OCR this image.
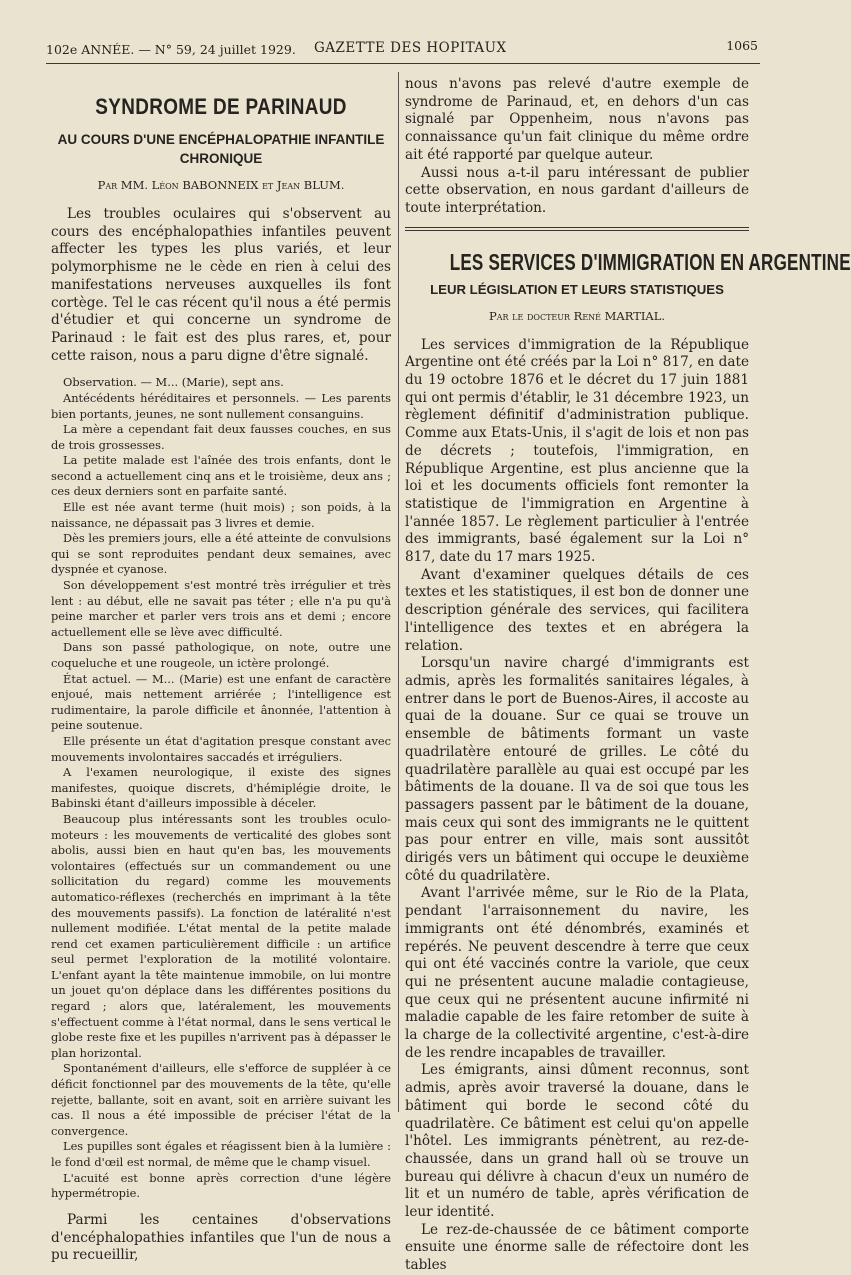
102e ANNÉE. — N° 59, 24 juillet 1929. GAZETTE DES HOPITAUX	1065
SYNDROME DE PARINAUD
AU COURS D'UNE ENCÉPHALOPATHIE INFANTILE CHRONIQUE
Par MM. Léon BABONNEIX et Jean BLUM.

Les troubles oculaires qui s'observent au cours des encéphalopathies infantiles peuvent affecter les types les plus variés, et leur polymorphisme ne le cède en rien à celui des manifestations nerveuses auxquelles ils font cortège. Tel le cas récent qu'il nous a été permis d'étudier et qui concerne un syndrome de Parinaud : le fait est des plus rares, et, pour cette raison, nous a paru digne d'être signalé.

Observation. — M... (Marie), sept ans.

Antécédents héréditaires et personnels. — Les parents bien portants, jeunes, ne sont nullement consanguins.

La mère a cependant fait deux fausses couches, en sus de trois grossesses.

La petite malade est l'aînée des trois enfants, dont le second a actuellement cinq ans et le troisième, deux ans ; ces deux derniers sont en parfaite santé.

Elle est née avant terme (huit mois) ; son poids, à la naissance, ne dépassait pas 3 livres et demie.

Dès les premiers jours, elle a été atteinte de convulsions qui se sont reproduites pendant deux semaines, avec dyspnée et cyanose.

Son développement s'est montré très irrégulier et très lent : au début, elle ne savait pas téter ; elle n'a pu qu'à peine marcher et parler vers trois ans et demi ; encore actuellement elle se lève avec difficulté.

Dans son passé pathologique, on note, outre une coqueluche et une rougeole, un ictère prolongé.

État actuel. — M... (Marie) est une enfant de caractère enjoué, mais nettement arriérée ; l'intelligence est rudimentaire, la parole difficile et ânonnée, l'attention à peine soutenue.

Elle présente un état d'agitation presque constant avec mouvements involontaires saccadés et irréguliers.

A l'examen neurologique, il existe des signes manifestes, quoique discrets, d'hémiplégie droite, le Babinski étant d'ailleurs impossible à déceler.

Beaucoup plus intéressants sont les troubles oculo-moteurs : les mouvements de verticalité des globes sont abolis, aussi bien en haut qu'en bas, les mouvements volontaires (effectués sur un commandement ou une sollicitation du regard) comme les mouvements automatico-réflexes (recherchés en imprimant à la tête des mouvements passifs). La fonction de latéralité n'est nullement modifiée. L'état mental de la petite malade rend cet examen particulièrement difficile : un artifice seul permet l'exploration de la motilité volontaire. L'enfant ayant la tête maintenue immobile, on lui montre un jouet qu'on déplace dans les différentes positions du regard ; alors que, latéralement, les mouvements s'effectuent comme à l'état normal, dans le sens vertical le globe reste fixe et les pupilles n'arrivent pas à dépasser le plan horizontal.

Spontanément d'ailleurs, elle s'efforce de suppléer à ce déficit fonctionnel par des mouvements de la tête, qu'elle rejette, ballante, soit en avant, soit en arrière suivant les cas. Il nous a été impossible de préciser l'état de la convergence.

Les pupilles sont égales et réagissent bien à la lumière : le fond d'œil est normal, de même que le champ visuel.

L'acuité est bonne après correction d'une légère hypermétropie.

Parmi les centaines d'observations d'encéphalopathies infantiles que l'un de nous a pu recueillir,

nous n'avons pas relevé d'autre exemple de syndrome de Parinaud, et, en dehors d'un cas signalé par Oppenheim, nous n'avons pas connaissance qu'un fait clinique du même ordre ait été rapporté par quelque auteur.

Aussi nous a-t-il paru intéressant de publier cette observation, en nous gardant d'ailleurs de toute interprétation.

LES SERVICES D'IMMIGRATION EN ARGENTINE
LEUR LÉGISLATION ET LEURS STATISTIQUES
Par le docteur René MARTIAL.

Les services d'immigration de la République Argentine ont été créés par la Loi n° 817, en date du 19 octobre 1876 et le décret du 17 juin 1881 qui ont permis d'établir, le 31 décembre 1923, un règlement définitif d'administration publique. Comme aux Etats-Unis, il s'agit de lois et non pas de décrets ; toutefois, l'immigration, en République Argentine, est plus ancienne que la loi et les documents officiels font remonter la statistique de l'immigration en Argentine à l'année 1857. Le règlement particulier à l'entrée des immigrants, basé également sur la Loi n° 817, date du 17 mars 1925.

Avant d'examiner quelques détails de ces textes et les statistiques, il est bon de donner une description générale des services, qui facilitera l'intelligence des textes et en abrégera la relation.

Lorsqu'un navire chargé d'immigrants est admis, après les formalités sanitaires légales, à entrer dans le port de Buenos-Aires, il accoste au quai de la douane. Sur ce quai se trouve un ensemble de bâtiments formant un vaste quadrilatère entouré de grilles. Le côté du quadrilatère parallèle au quai est occupé par les bâtiments de la douane. Il va de soi que tous les passagers passent par le bâtiment de la douane, mais ceux qui sont des immigrants ne le quittent pas pour entrer en ville, mais sont aussitôt dirigés vers un bâtiment qui occupe le deuxième côté du quadrilatère.

Avant l'arrivée même, sur le Rio de la Plata, pendant l'arraisonnement du navire, les immigrants ont été dénombrés, examinés et repérés. Ne peuvent descendre à terre que ceux qui ont été vaccinés contre la variole, que ceux qui ne présentent aucune maladie contagieuse, que ceux qui ne présentent aucune infirmité ni maladie capable de les faire retomber de suite à la charge de la collectivité argentine, c'est-à-dire de les rendre incapables de travailler.

Les émigrants, ainsi dûment reconnus, sont admis, après avoir traversé la douane, dans le bâtiment qui borde le second côté du quadrilatère. Ce bâtiment est celui qu'on appelle l'hôtel. Les immigrants pénètrent, au rez-de-chaussée, dans un grand hall où se trouve un bureau qui délivre à chacun d'eux un numéro de lit et un numéro de table, après vérification de leur identité.

Le rez-de-chaussée de ce bâtiment comporte ensuite une énorme salle de réfectoire dont les tables
